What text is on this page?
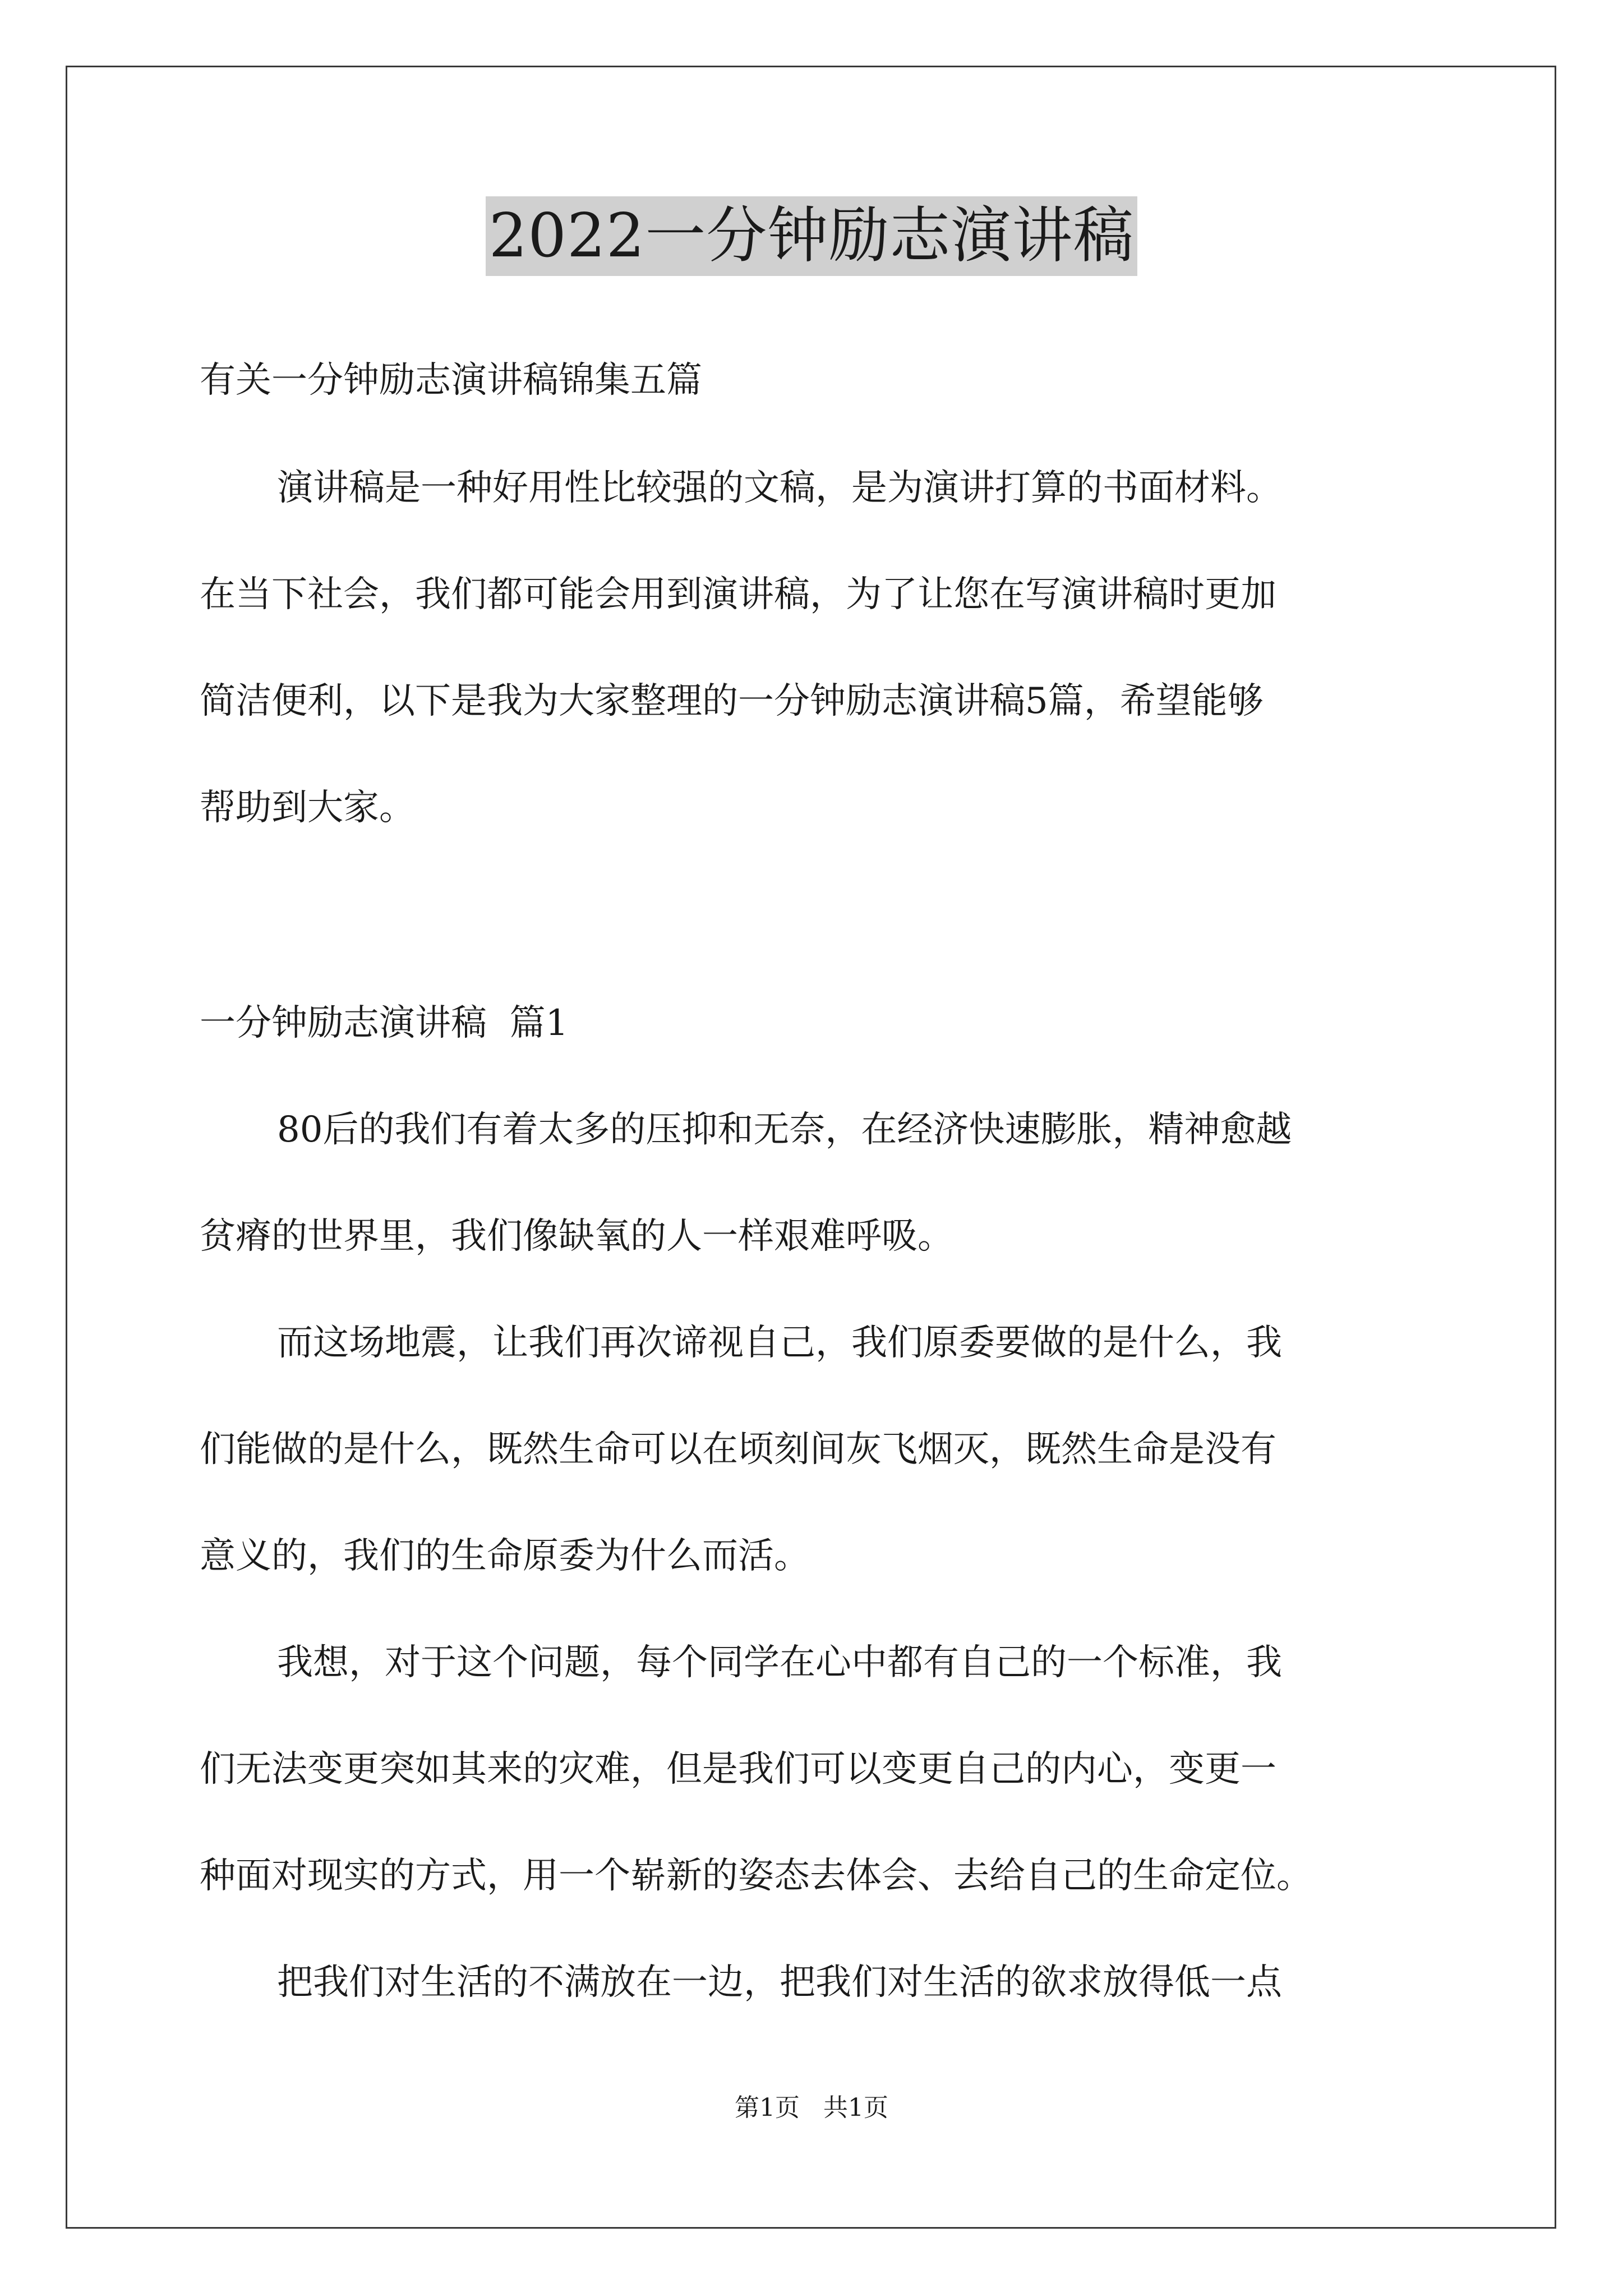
2022一分钟励志演讲稿
有关一分钟励志演讲稿锦集五篇
演讲稿是一种好用性比较强的文稿，是为演讲打算的书面材料。
在当下社会，我们都可能会用到演讲稿，为了让您在写演讲稿时更加
简洁便利，以下是我为大家整理的一分钟励志演讲稿5篇，希望能够
帮助到大家。
一分钟励志演讲稿  篇1
80后的我们有着太多的压抑和无奈，在经济快速膨胀，精神愈越
贫瘠的世界里，我们像缺氧的人一样艰难呼吸。
而这场地震，让我们再次谛视自己，我们原委要做的是什么，我
们能做的是什么，既然生命可以在顷刻间灰飞烟灭，既然生命是没有
意义的，我们的生命原委为什么而活。
我想，对于这个问题，每个同学在心中都有自己的一个标准，我
们无法变更突如其来的灾难，但是我们可以变更自己的内心，变更一
种面对现实的方式，用一个崭新的姿态去体会、去给自己的生命定位。
把我们对生活的不满放在一边，把我们对生活的欲求放得低一点
第1页   共1页
